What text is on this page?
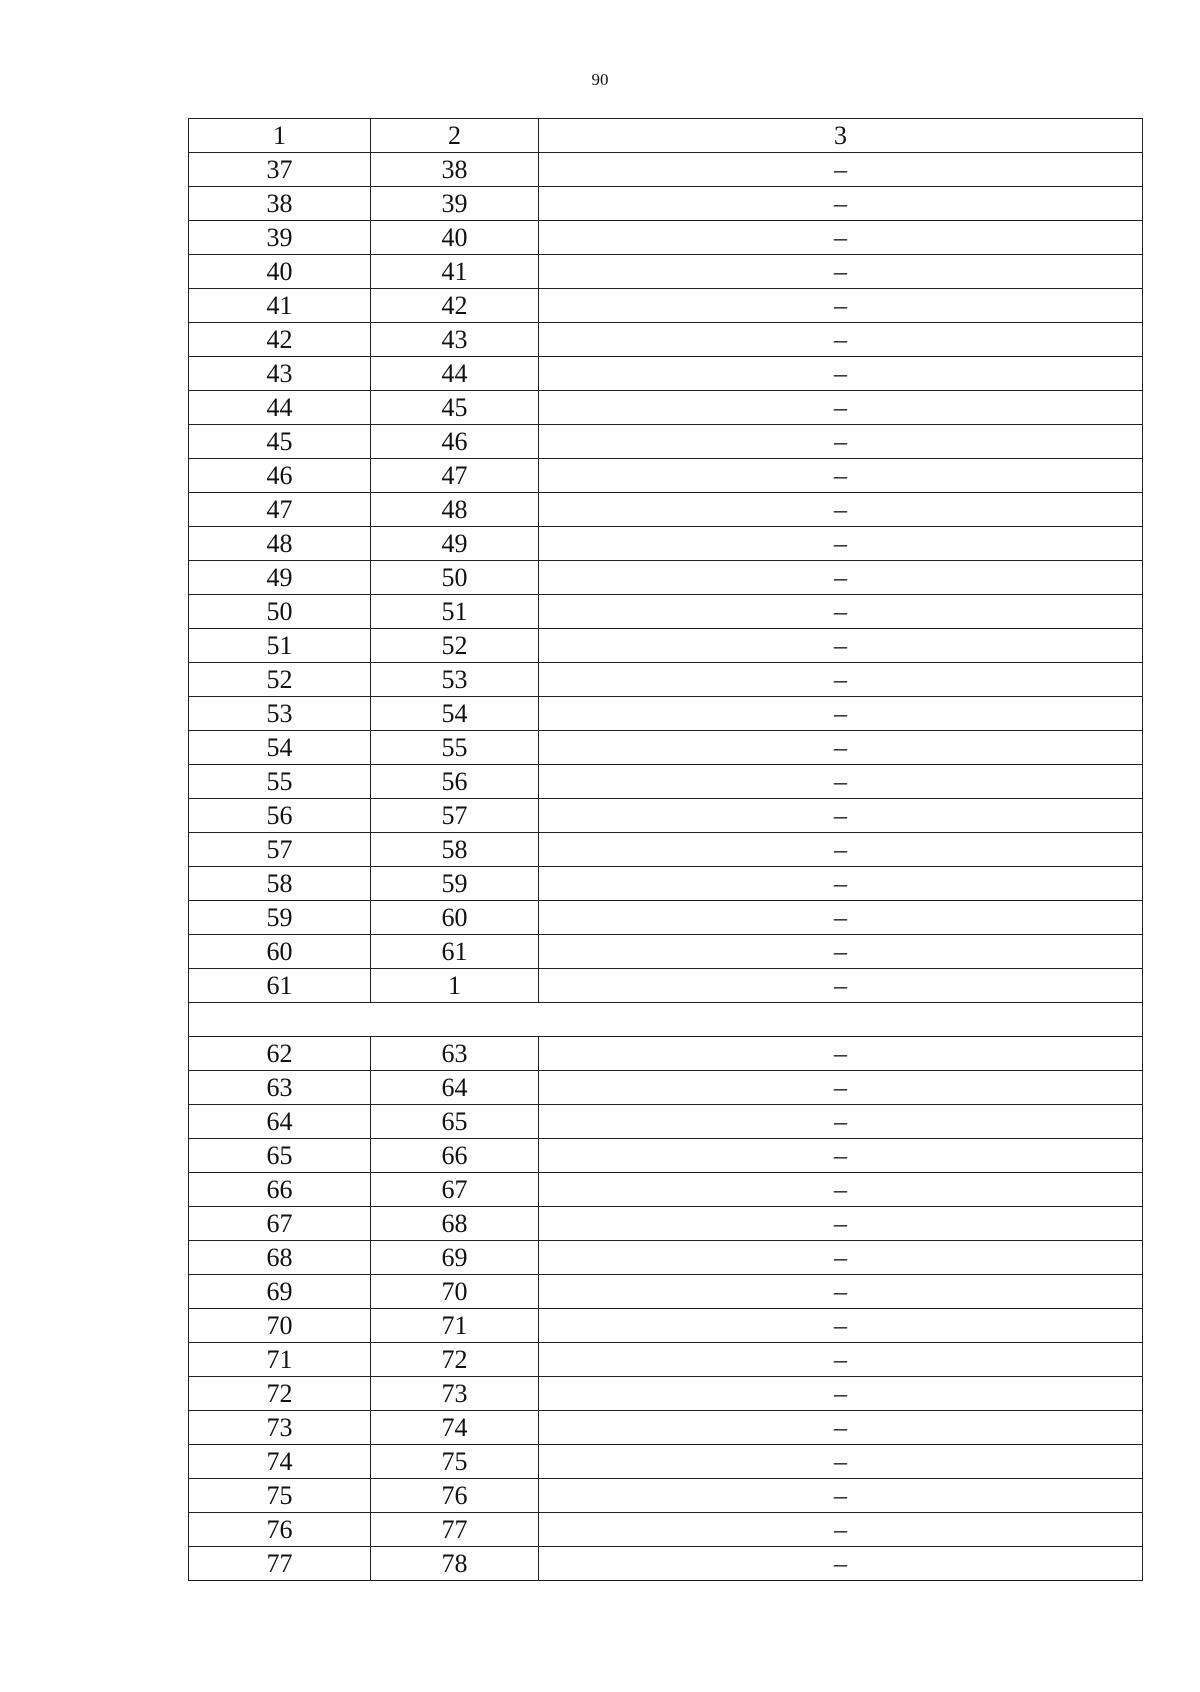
90
1	2	3
37	38	–
38	39	–
39	40	–
40	41	–
41	42	–
42	43	–
43	44	–
44	45	–
45	46	–
46	47	–
47	48	–
48	49	–
49	50	–
50	51	–
51	52	–
52	53	–
53	54	–
54	55	–
55	56	–
56	57	–
57	58	–
58	59	–
59	60	–
60	61	–
61	1	–

62	63	–
63	64	–
64	65	–
65	66	–
66	67	–
67	68	–
68	69	–
69	70	–
70	71	–
71	72	–
72	73	–
73	74	–
74	75	–
75	76	–
76	77	–
77	78	–
